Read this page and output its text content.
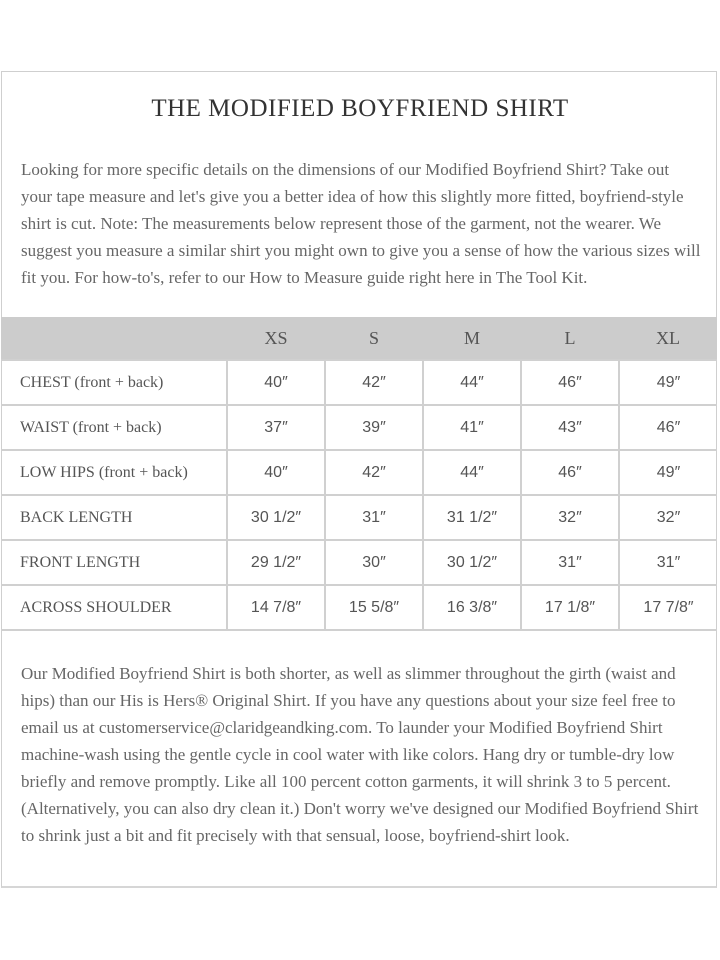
THE MODIFIED BOYFRIEND SHIRT

Looking for more specific details on the dimensions of our Modified Boyfriend Shirt? Take out your tape measure and let's give you a better idea of how this slightly more fitted, boyfriend-style shirt is cut. Note: The measurements below represent those of the garment, not the wearer. We suggest you measure a similar shirt you might own to give you a sense of how the various sizes will fit you. For how-to's, refer to our How to Measure guide right here in The Tool Kit.

	XS	S	M	L	XL
CHEST (front + back)	40″	42″	44″	46″	49″
WAIST (front + back)	37″	39″	41″	43″	46″
LOW HIPS (front + back)	40″	42″	44″	46″	49″
BACK LENGTH	30 1/2″	31″	31 1/2″	32″	32″
FRONT LENGTH	29 1/2″	30″	30 1/2″	31″	31″
ACROSS SHOULDER	14 7/8″	15 5/8″	16 3/8″	17 1/8″	17 7/8″

Our Modified Boyfriend Shirt is both shorter, as well as slimmer throughout the girth (waist and hips) than our His is Hers® Original Shirt. If you have any questions about your size feel free to email us at customerservice@claridgeandking.com. To launder your Modified Boyfriend Shirt machine-wash using the gentle cycle in cool water with like colors. Hang dry or tumble-dry low briefly and remove promptly. Like all 100 percent cotton garments, it will shrink 3 to 5 percent. (Alternatively, you can also dry clean it.) Don't worry we've designed our Modified Boyfriend Shirt to shrink just a bit and fit precisely with that sensual, loose, boyfriend-shirt look.
